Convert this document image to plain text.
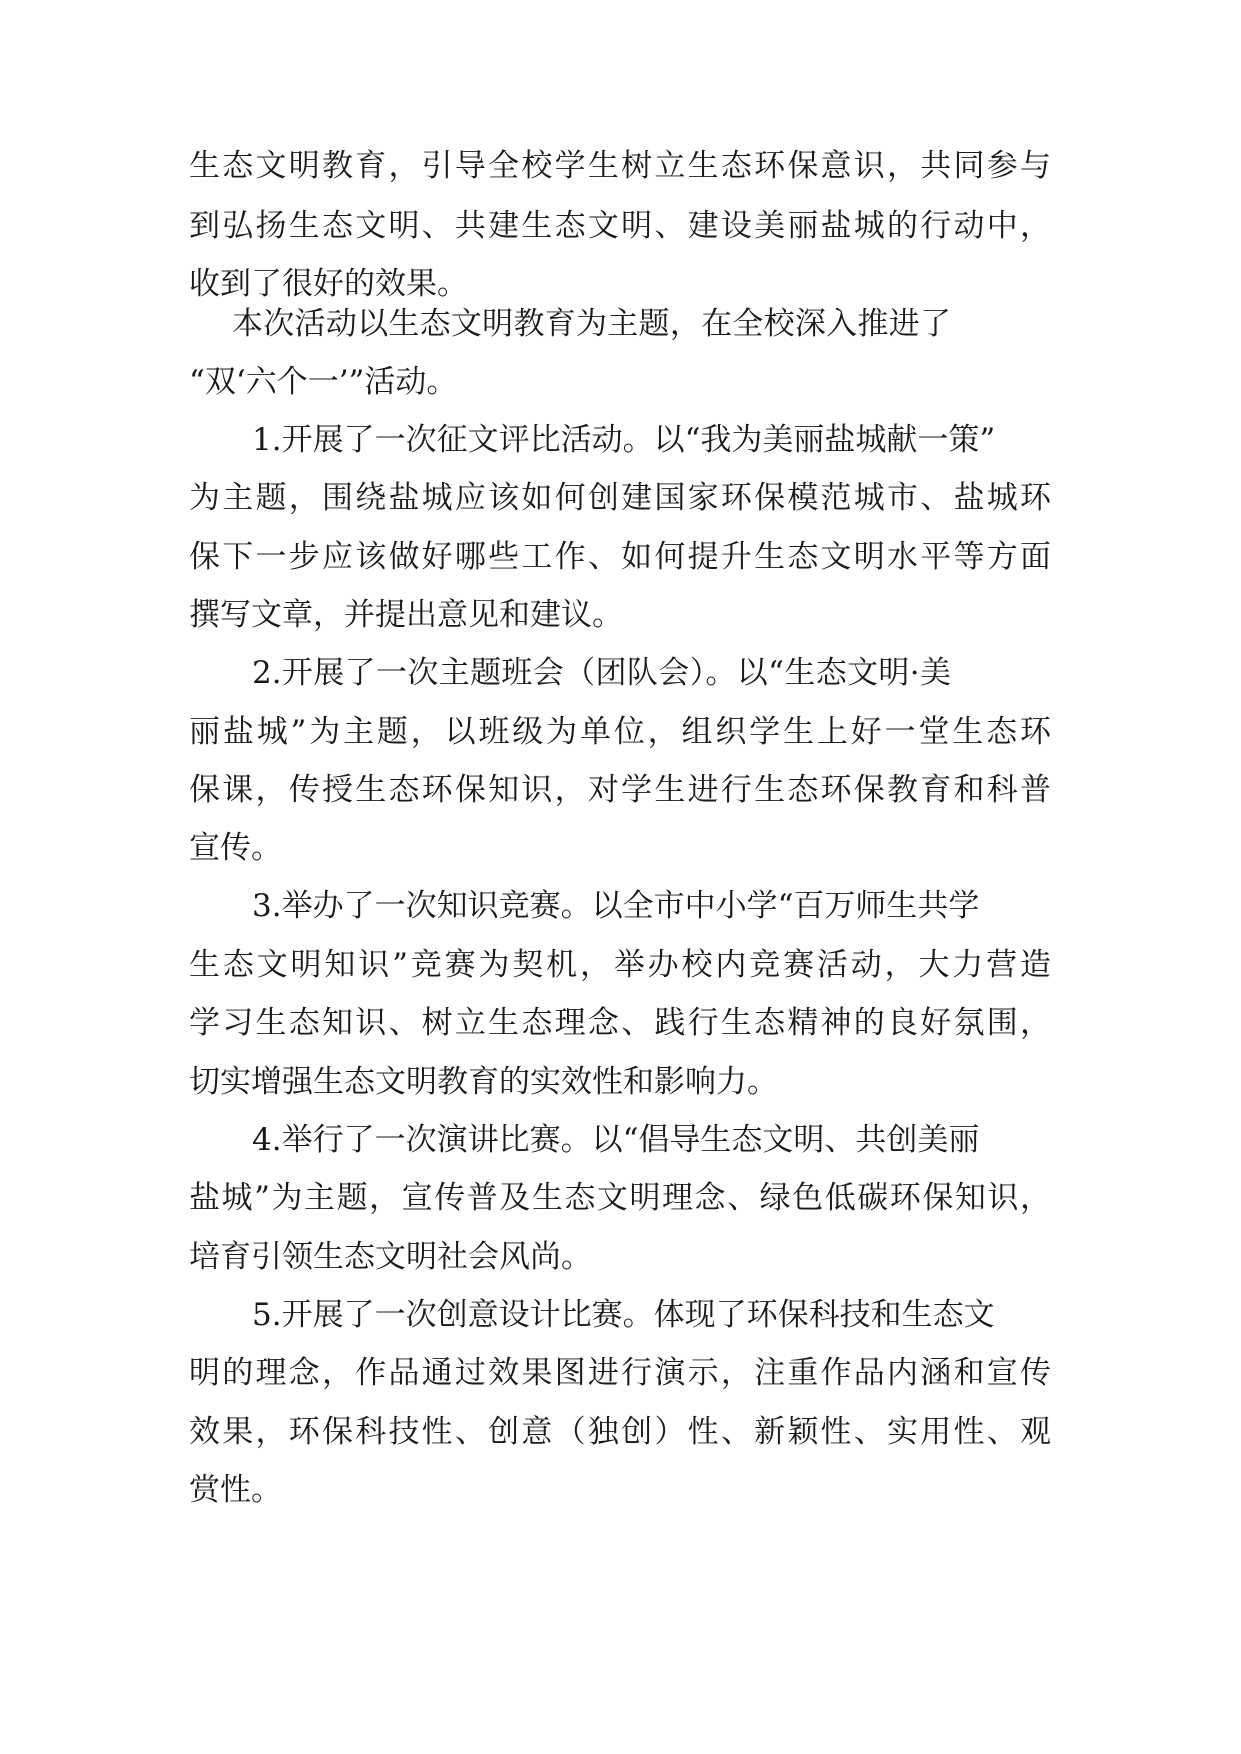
生态文明教育，引导全校学生树立生态环保意识，共同参与
到弘扬生态文明、共建生态文明、建设美丽盐城的行动中，
收到了很好的效果。
本次活动以生态文明教育为主题，在全校深入推进了
“双‘六个一’”活动。
1.开展了一次征文评比活动。以“我为美丽盐城献一策”
为主题，围绕盐城应该如何创建国家环保模范城市、盐城环
保下一步应该做好哪些工作、如何提升生态文明水平等方面
撰写文章，并提出意见和建议。
2.开展了一次主题班会（团队会）。以“生态文明·美
丽盐城”为主题，以班级为单位，组织学生上好一堂生态环
保课，传授生态环保知识，对学生进行生态环保教育和科普
宣传。
3.举办了一次知识竞赛。以全市中小学“百万师生共学
生态文明知识”竞赛为契机，举办校内竞赛活动，大力营造
学习生态知识、树立生态理念、践行生态精神的良好氛围，
切实增强生态文明教育的实效性和影响力。
4.举行了一次演讲比赛。以“倡导生态文明、共创美丽
盐城”为主题，宣传普及生态文明理念、绿色低碳环保知识，
培育引领生态文明社会风尚。
5.开展了一次创意设计比赛。体现了环保科技和生态文
明的理念，作品通过效果图进行演示，注重作品内涵和宣传
效果，环保科技性、创意（独创）性、新颖性、实用性、观
赏性。
